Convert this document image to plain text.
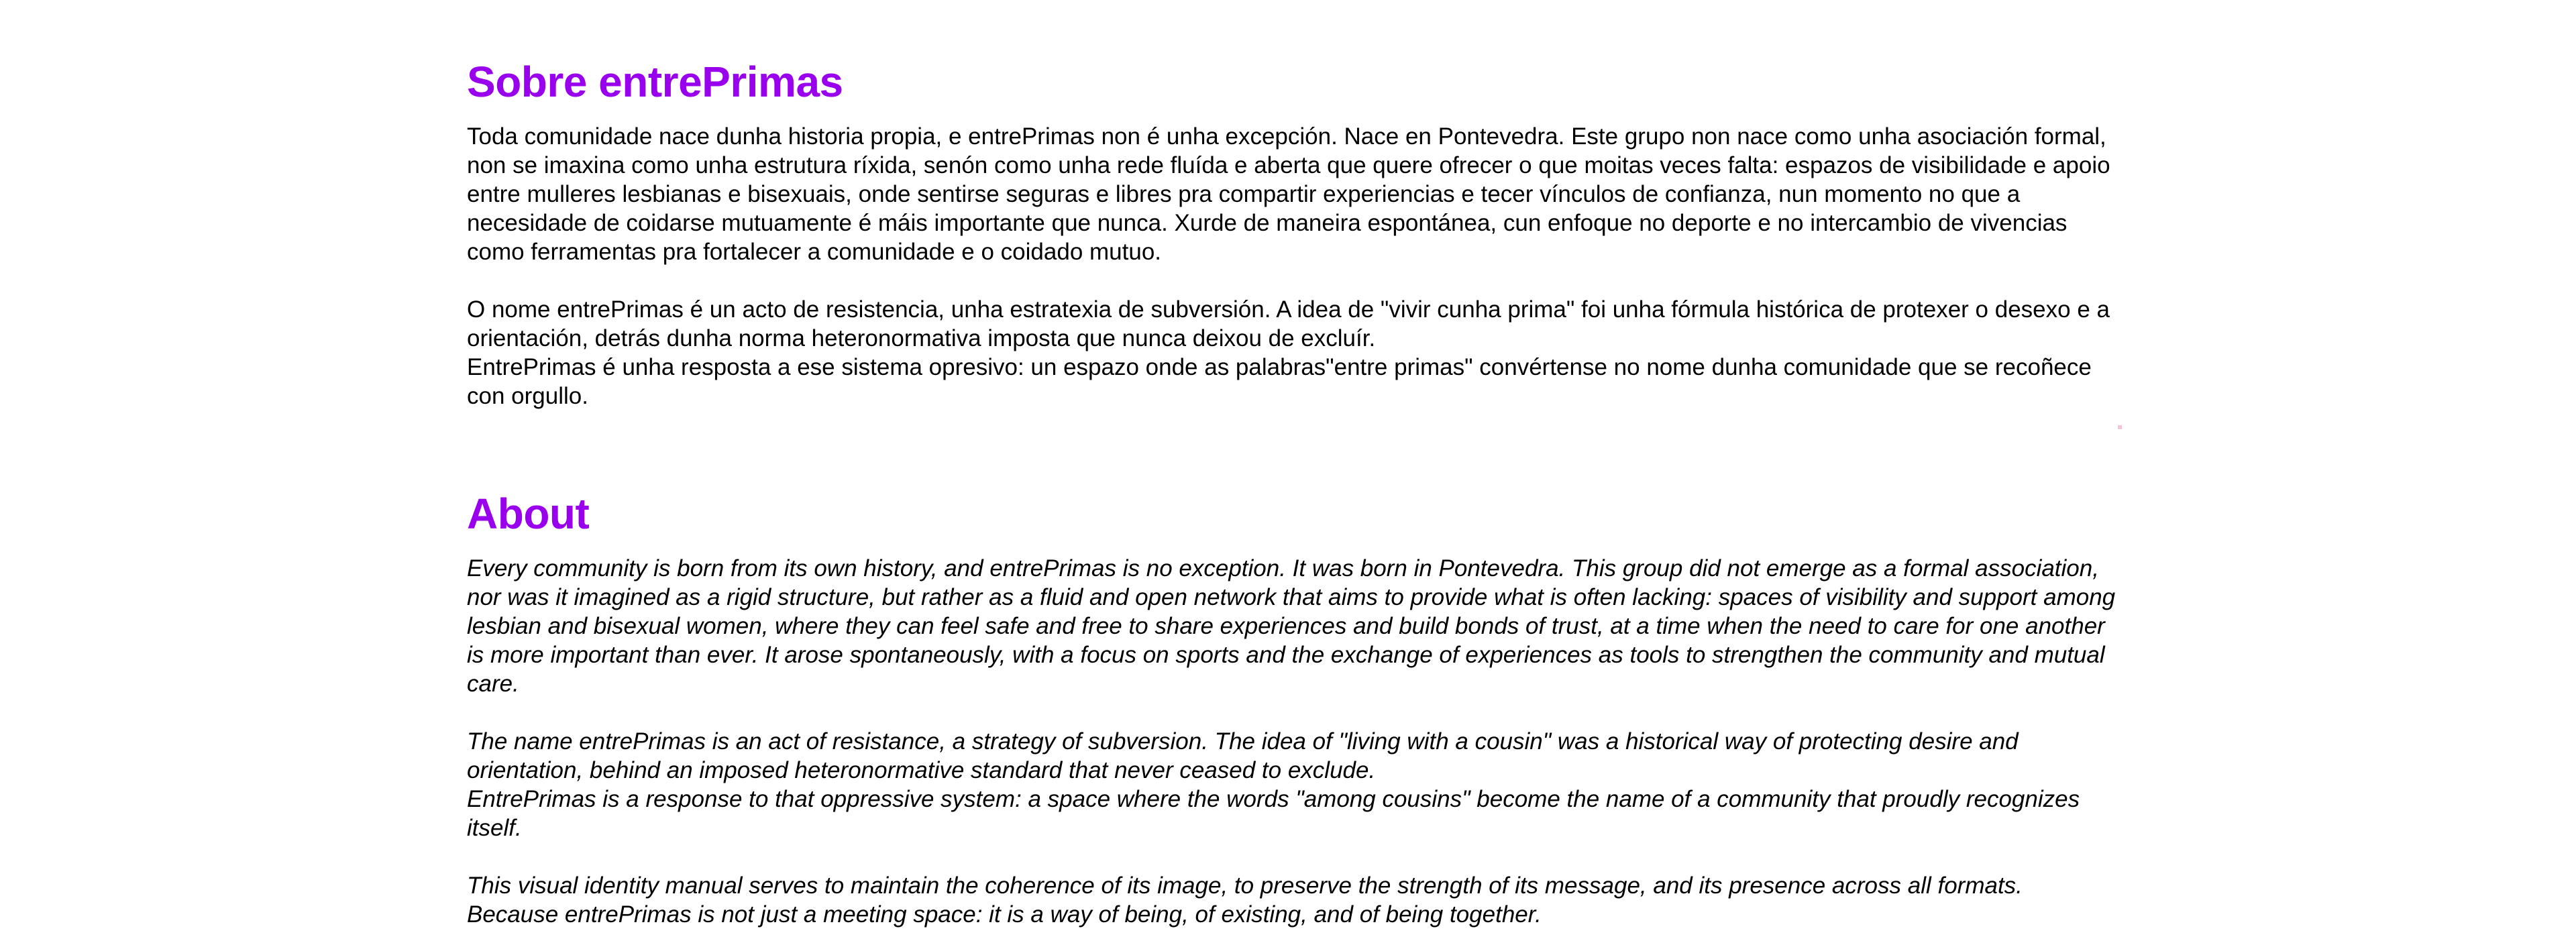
Sobre entrePrimas

Toda comunidade nace dunha historia propia, e entrePrimas non é unha excepción. Nace en Pontevedra. Este grupo non nace como unha asociación formal, non se imaxina como unha estrutura ríxida, senón como unha rede fluída e aberta que quere ofrecer o que moitas veces falta: espazos de visibilidade e apoio entre mulleres lesbianas e bisexuais, onde sentirse seguras e libres pra compartir experiencias e tecer vínculos de confianza, nun momento no que a necesidade de coidarse mutuamente é máis importante que nunca. Xurde de maneira espontánea, cun enfoque no deporte e no intercambio de vivencias como ferramentas pra fortalecer a comunidade e o coidado mutuo.

O nome entrePrimas é un acto de resistencia, unha estratexia de subversión. A idea de "vivir cunha prima" foi unha fórmula histórica de protexer o desexo e a orientación, detrás dunha norma heteronormativa imposta que nunca deixou de excluír.
EntrePrimas é unha resposta a ese sistema opresivo: un espazo onde as palabras"entre primas" convértense no nome dunha comunidade que se recoñece con orgullo.

About

Every community is born from its own history, and entrePrimas is no exception. It was born in Pontevedra. This group did not emerge as a formal association, nor was it imagined as a rigid structure, but rather as a fluid and open network that aims to provide what is often lacking: spaces of visibility and support among lesbian and bisexual women, where they can feel safe and free to share experiences and build bonds of trust, at a time when the need to care for one another is more important than ever. It arose spontaneously, with a focus on sports and the exchange of experiences as tools to strengthen the community and mutual care.

The name entrePrimas is an act of resistance, a strategy of subversion. The idea of "living with a cousin" was a historical way of protecting desire and orientation, behind an imposed heteronormative standard that never ceased to exclude.
EntrePrimas is a response to that oppressive system: a space where the words "among cousins" become the name of a community that proudly recognizes itself.

This visual identity manual serves to maintain the coherence of its image, to preserve the strength of its message, and its presence across all formats. Because entrePrimas is not just a meeting space: it is a way of being, of existing, and of being together.
